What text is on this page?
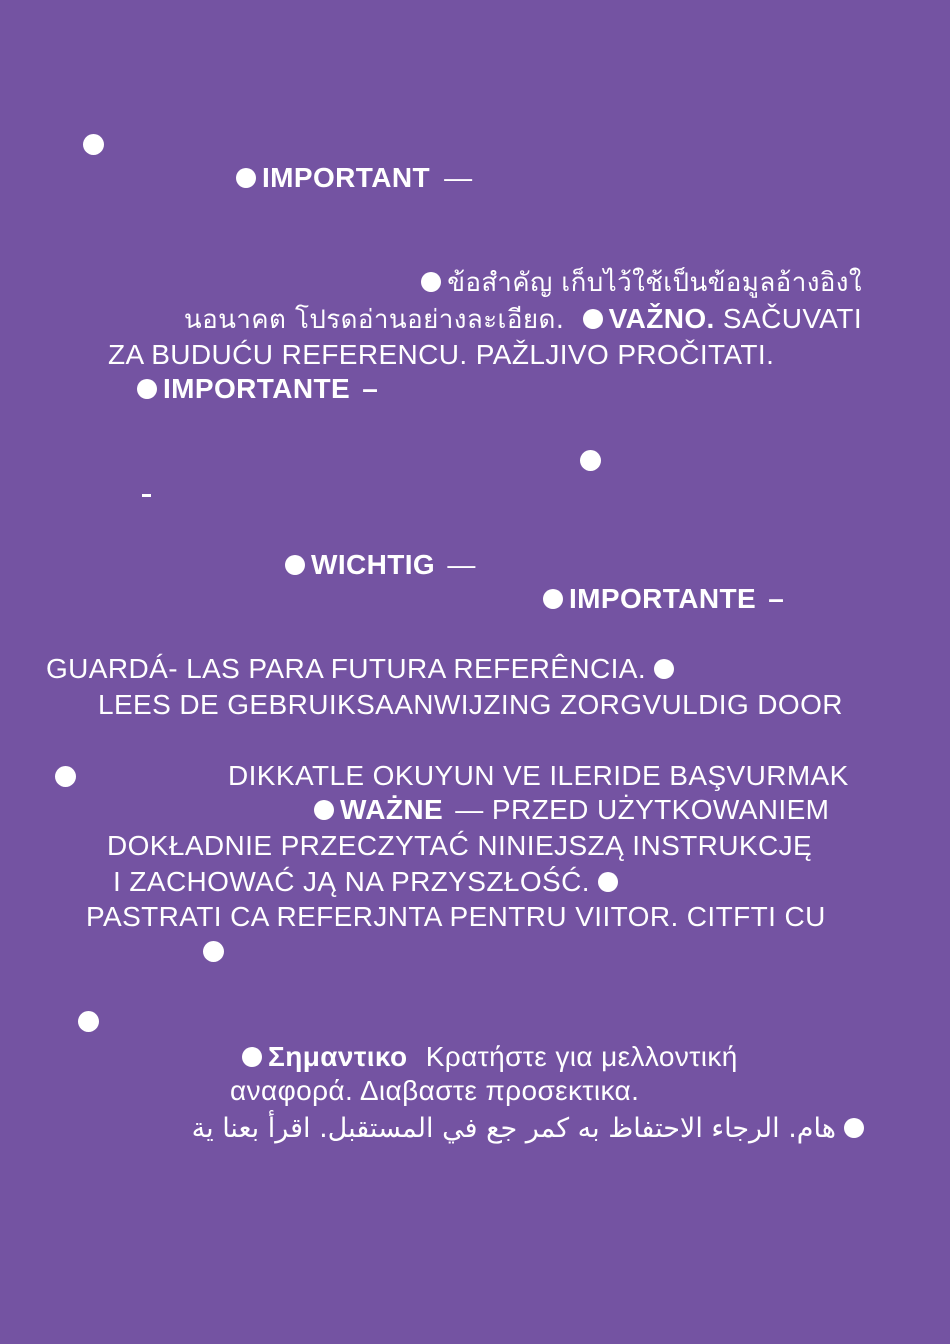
IMPORTANT —
ข้อสำคัญ เก็บไว้ใช้เป็นข้อมูลอ้างอิงใ
นอนาคต โปรดอ่านอย่างละเอียด. VAŽNO. SAČUVATI
ZA BUDUĆU REFERENCU. PAŽLJIVO PROČITATI.
IMPORTANTE –
WICHTIG —
IMPORTANTE –
GUARDÁ- LAS PARA FUTURA REFERÊNCIA.
LEES DE GEBRUIKSAANWIJZING ZORGVULDIG DOOR
DIKKATLE OKUYUN VE ILERIDE BAŞVURMAK
WAŻNE — PRZED UŻYTKOWANIEM
DOKŁADNIE PRZECZYTAĆ NINIEJSZĄ INSTRUKCJĘ
I ZACHOWAĆ JĄ NA PRZYSZŁOŚĆ.
PASTRATI CA REFERJNTA PENTRU VIITOR. CITFTI CU
Σημαντικο Κρατήστε για μελλοντική
αναφορά. Διαβαστε προσεκτικα.
هام. الرجاء الاحتفاظ به كمر جع في المستقبل. اقرأ بعنا ية
